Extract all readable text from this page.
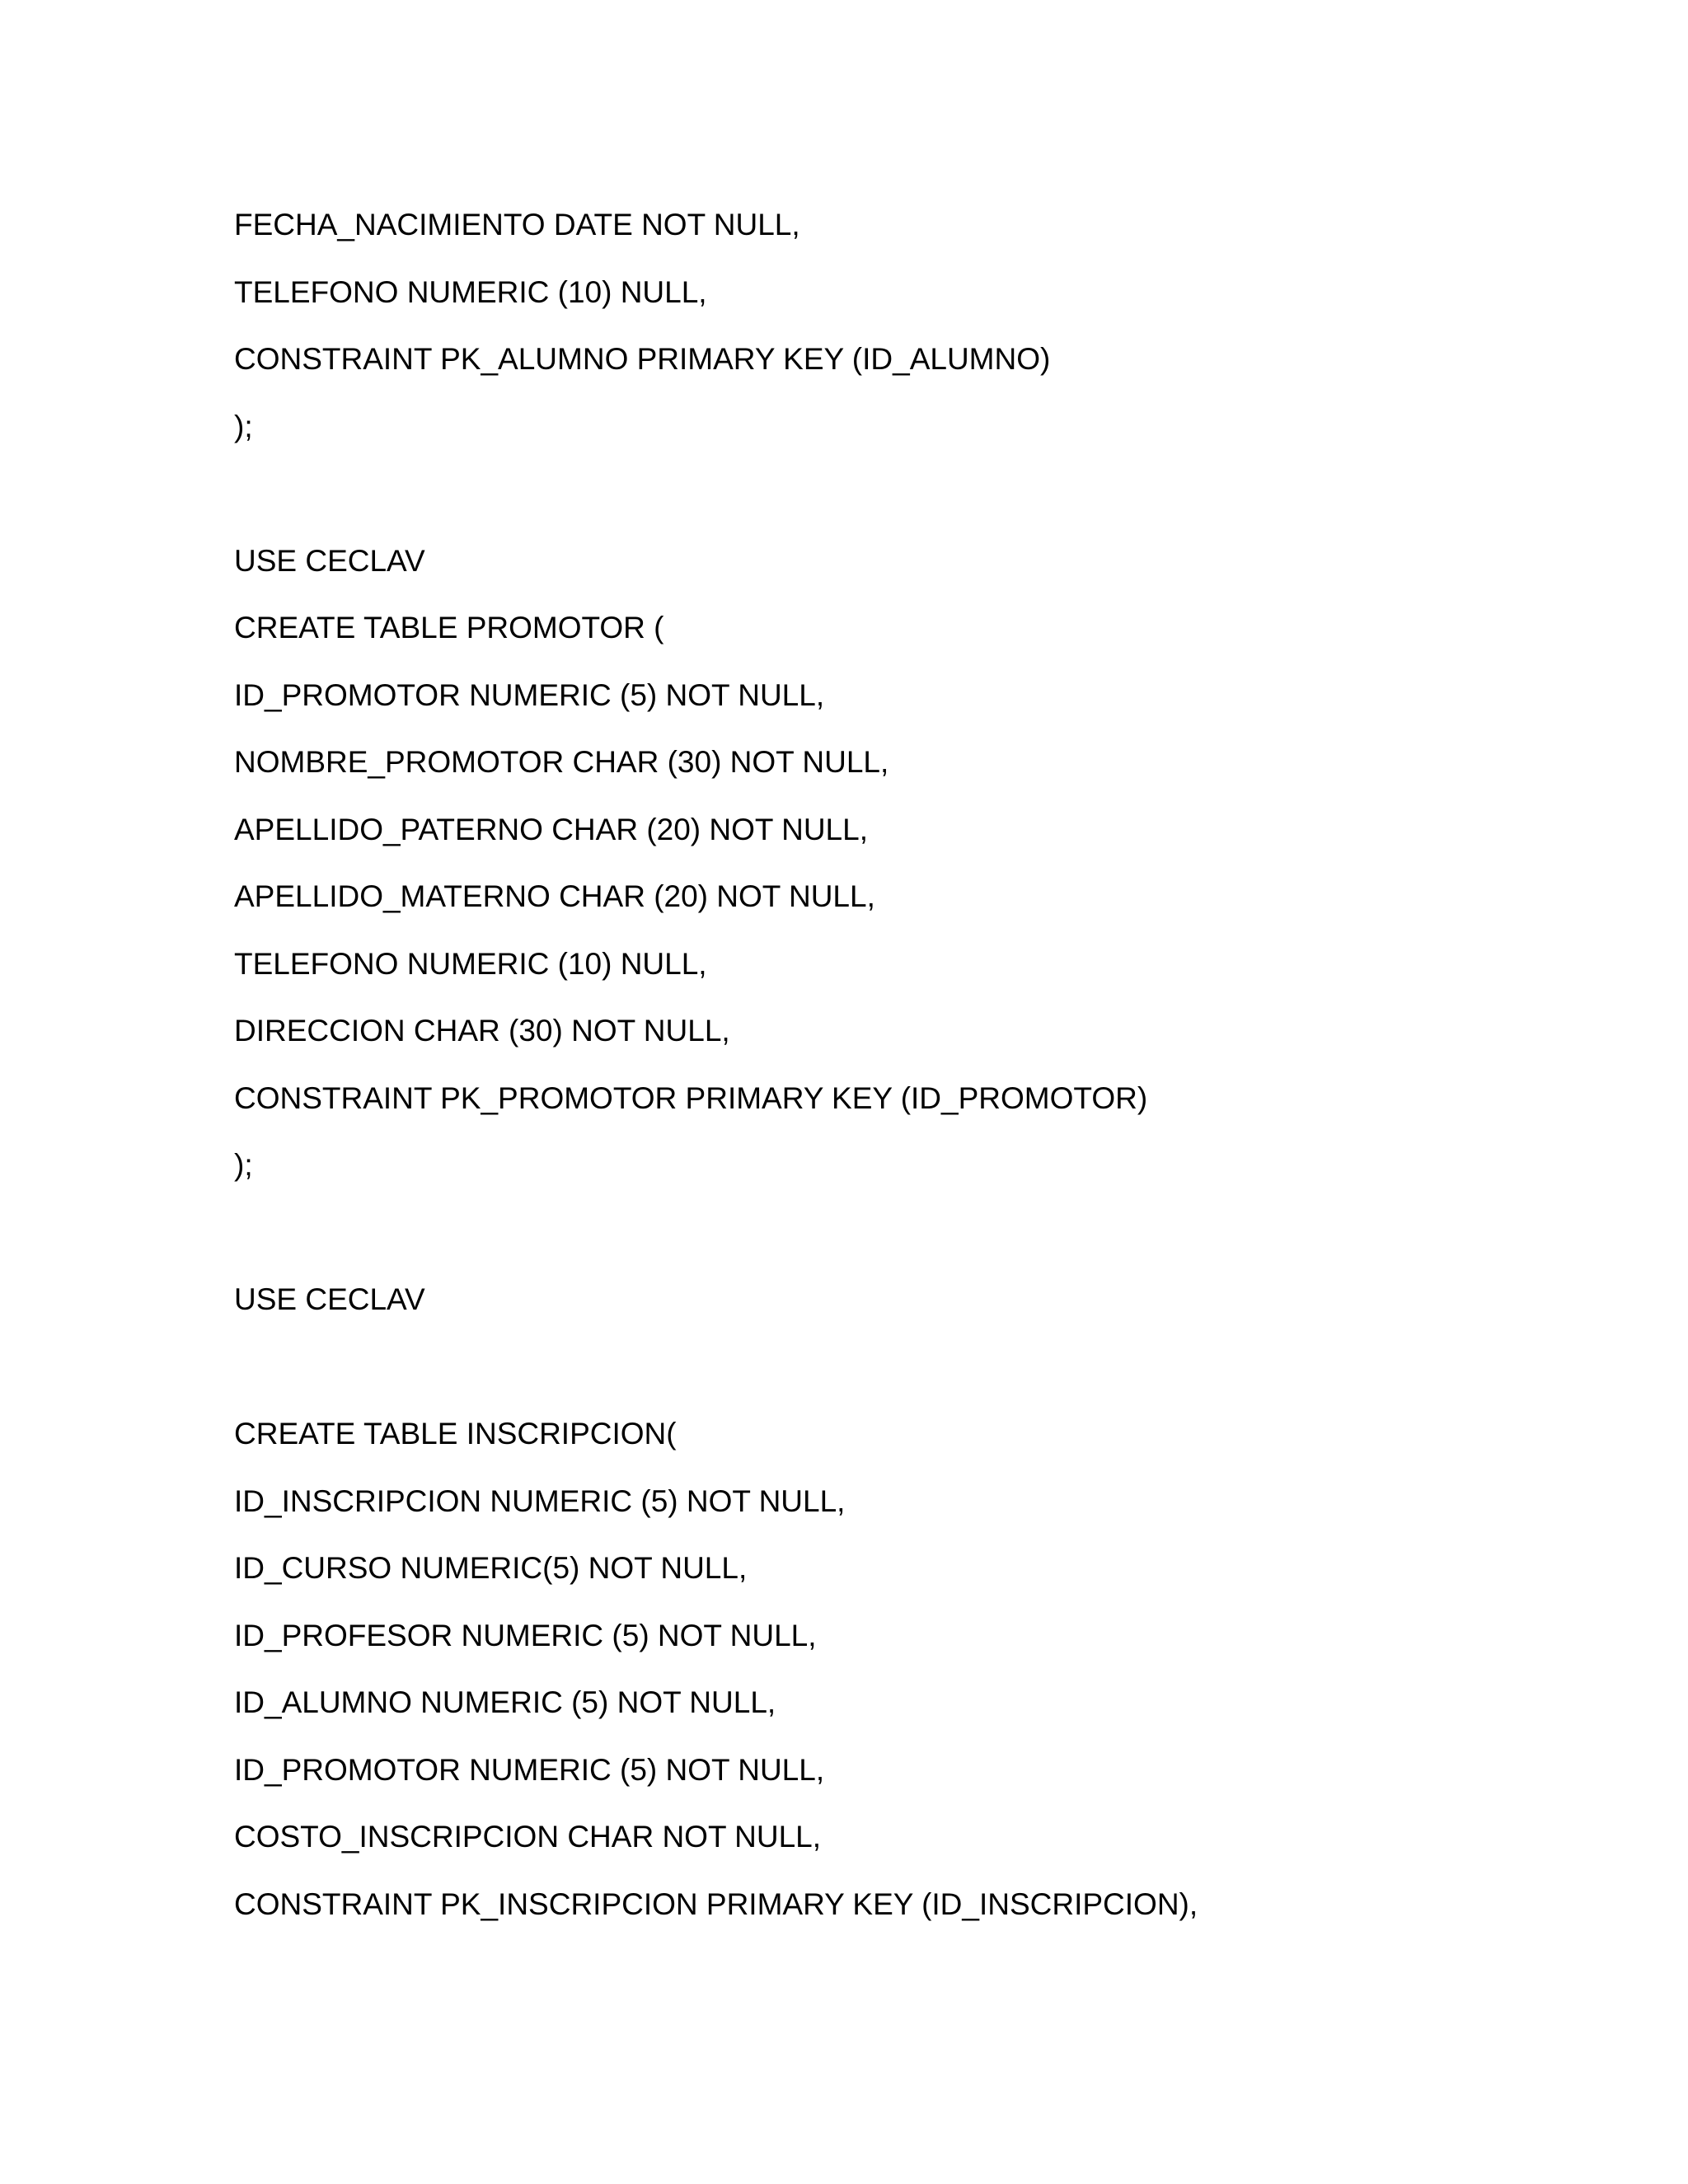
FECHA_NACIMIENTO DATE NOT NULL,

TELEFONO NUMERIC (10) NULL,

CONSTRAINT PK_ALUMNO PRIMARY KEY (ID_ALUMNO)

);

USE CECLAV

CREATE TABLE PROMOTOR (

ID_PROMOTOR NUMERIC (5) NOT NULL,

NOMBRE_PROMOTOR CHAR (30) NOT NULL,

APELLIDO_PATERNO CHAR (20) NOT NULL,

APELLIDO_MATERNO CHAR (20) NOT NULL,

TELEFONO NUMERIC (10) NULL,

DIRECCION CHAR (30) NOT NULL,

CONSTRAINT PK_PROMOTOR PRIMARY KEY (ID_PROMOTOR)

);

USE CECLAV

CREATE TABLE INSCRIPCION(

ID_INSCRIPCION NUMERIC (5) NOT NULL,

ID_CURSO NUMERIC(5) NOT NULL,

ID_PROFESOR NUMERIC (5) NOT NULL,

ID_ALUMNO NUMERIC (5) NOT NULL,

ID_PROMOTOR NUMERIC (5) NOT NULL,

COSTO_INSCRIPCION CHAR NOT NULL,

CONSTRAINT PK_INSCRIPCION PRIMARY KEY (ID_INSCRIPCION),
